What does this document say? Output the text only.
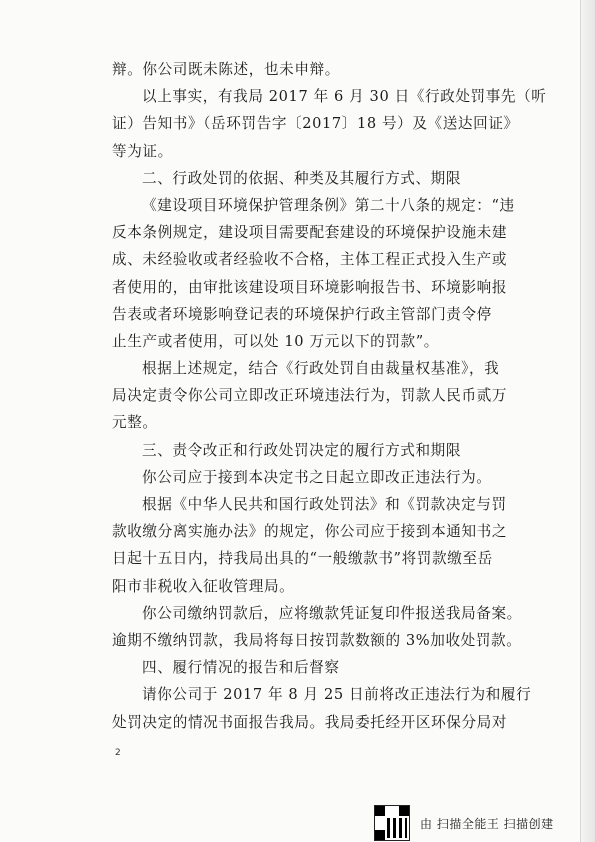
辩。你公司既未陈述，也未申辩。
以上事实，有我局 2017 年 6 月 30 日《行政处罚事先（听
证）告知书》（岳环罚告字〔2017〕18 号）及《送达回证》
等为证。
二、行政处罚的依据、种类及其履行方式、期限
《建设项目环境保护管理条例》第二十八条的规定：“违
反本条例规定，建设项目需要配套建设的环境保护设施未建
成、未经验收或者经验收不合格，主体工程正式投入生产或
者使用的，由审批该建设项目环境影响报告书、环境影响报
告表或者环境影响登记表的环境保护行政主管部门责令停
止生产或者使用，可以处 10 万元以下的罚款”。
根据上述规定，结合《行政处罚自由裁量权基准》，我
局决定责令你公司立即改正环境违法行为，罚款人民币贰万
元整。
三、责令改正和行政处罚决定的履行方式和期限
你公司应于接到本决定书之日起立即改正违法行为。
根据《中华人民共和国行政处罚法》和《罚款决定与罚
款收缴分离实施办法》的规定，你公司应于接到本通知书之
日起十五日内，持我局出具的“一般缴款书”将罚款缴至岳
阳市非税收入征收管理局。
你公司缴纳罚款后，应将缴款凭证复印件报送我局备案。
逾期不缴纳罚款，我局将每日按罚款数额的 3%加收处罚款。
四、履行情况的报告和后督察
请你公司于 2017 年 8 月 25 日前将改正违法行为和履行
处罚决定的情况书面报告我局。我局委托经开区环保分局对
2
由 扫描全能王 扫描创建
